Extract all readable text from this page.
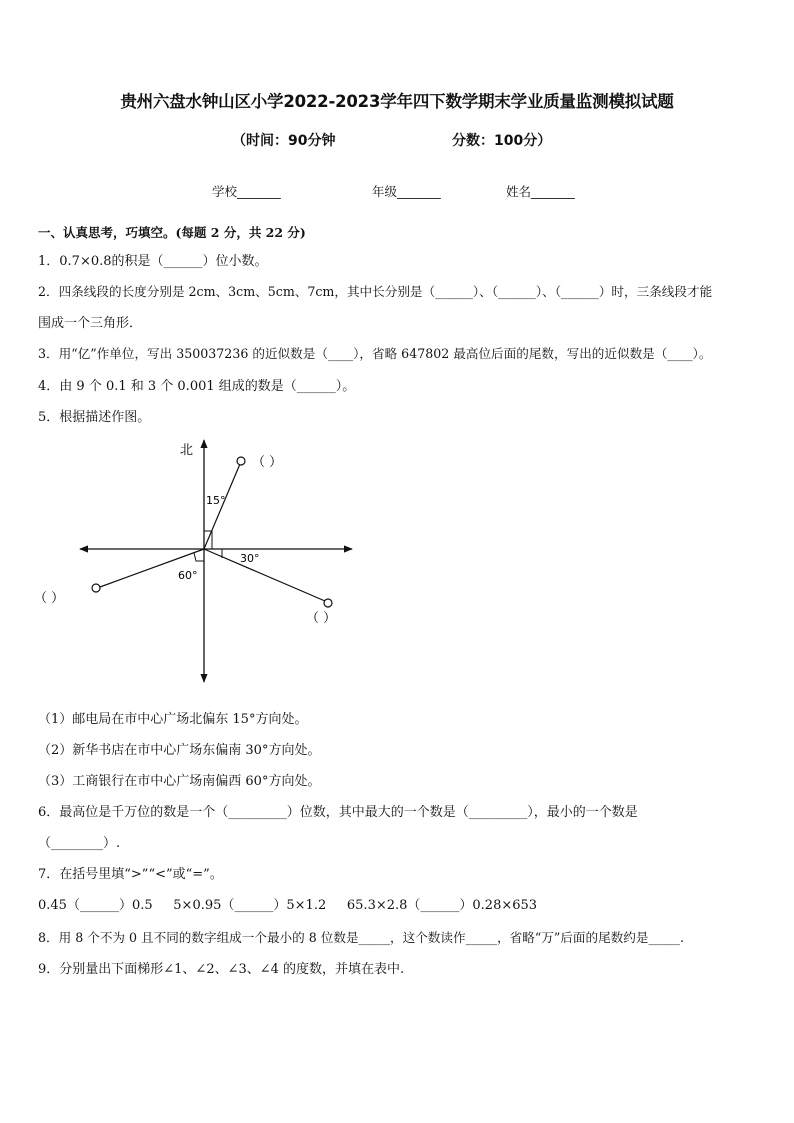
贵州六盘水钟山区小学2022-2023学年四下数学期末学业质量监测模拟试题
（时间：90分钟	分数：100分）
学校_______	年级_______	姓名_______
一、认真思考，巧填空。(每题 2 分，共 22 分)
1．0.7×0.8的积是（______）位小数。
2．四条线段的长度分别是 2cm、3cm、5cm、7cm，其中长分别是（______）、（______）、（______）时，三条线段才能
围成一个三角形．
3．用“亿”作单位，写出 350037236 的近似数是（____），省略 647802 最高位后面的尾数，写出的近似数是（____）。
4．由 9 个 0.1 和 3 个 0.001 组成的数是（______）。
5．根据描述作图。
北
15°
30°
60°
（ ）
（ ）
（ ）
（1）邮电局在市中心广场北偏东 15°方向处。
（2）新华书店在市中心广场东偏南 30°方向处。
（3）工商银行在市中心广场南偏西 60°方向处。
6．最高位是千万位的数是一个（_________）位数，其中最大的一个数是（_________），最小的一个数是
（________）.
7．在括号里填“>”“<”或“=”。
0.45（______）0.5     5×0.95（______）5×1.2     65.3×2.8（______）0.28×653
8．用 8 个不为 0 且不同的数字组成一个最小的 8 位数是_____，这个数读作_____，省略“万”后面的尾数约是_____.
9．分别量出下面梯形∠1、∠2、∠3、∠4 的度数，并填在表中.
